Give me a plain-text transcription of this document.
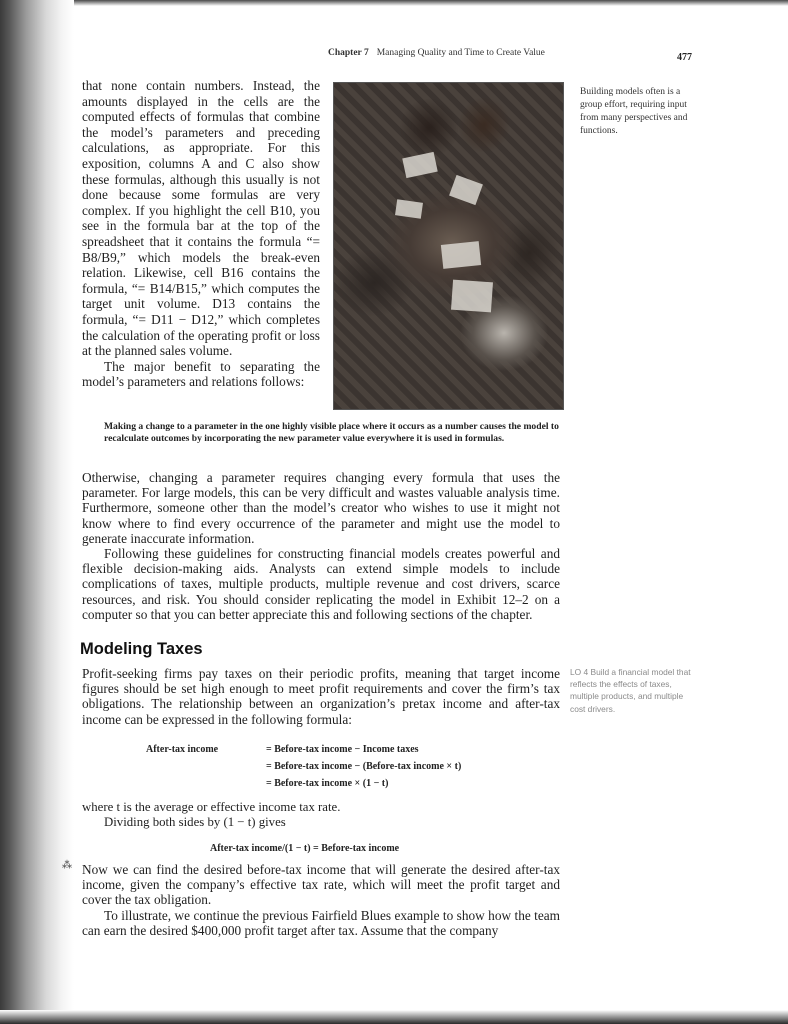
Chapter 7 Managing Quality and Time to Create Value	477

that none contain numbers. Instead, the amounts displayed in the cells are the computed effects of formulas that combine the model’s parameters and preceding calculations, as appropriate. For this exposition, columns A and C also show these formulas, although this usually is not done because some formulas are very complex. If you highlight the cell B10, you see in the formula bar at the top of the spreadsheet that it contains the formula “= B8/B9,” which models the break-even relation. Likewise, cell B16 contains the formula, “= B14/B15,” which computes the target unit volume. D13 contains the formula, “= D11 − D12,” which completes the calculation of the operating profit or loss at the planned sales volume.

The major benefit to separating the model’s parameters and relations follows:

Building models often is a group effort, requiring input from many perspectives and functions.
Making a change to a parameter in the one highly visible place where it occurs as a number causes the model to recalculate outcomes by incorporating the new parameter value everywhere it is used in formulas.

Otherwise, changing a parameter requires changing every formula that uses the parameter. For large models, this can be very difficult and wastes valuable analysis time. Furthermore, someone other than the model’s creator who wishes to use it might not know where to find every occurrence of the parameter and might use the model to generate inaccurate information.

Following these guidelines for constructing financial models creates powerful and flexible decision-making aids. Analysts can extend simple models to include complications of taxes, multiple products, multiple revenue and cost drivers, scarce resources, and risk. You should consider replicating the model in Exhibit 12–2 on a computer so that you can better appreciate this and following sections of the chapter.

Modeling Taxes
Profit-seeking firms pay taxes on their periodic profits, meaning that target income figures should be set high enough to meet profit requirements and cover the firm’s tax obligations. The relationship between an organization’s pretax income and after-tax income can be expressed in the following formula:
LO 4 Build a financial model that reflects the effects of taxes, multiple products, and multiple cost drivers.
After-tax income	= Before-tax income − Income taxes
= Before-tax income − (Before-tax income × t)
= Before-tax income × (1 − t)
where t is the average or effective income tax rate.
Dividing both sides by (1 − t) gives
After-tax income/(1 − t) = Before-tax income
⁂ Now we can find the desired before-tax income that will generate the desired after-tax income, given the company’s effective tax rate, which will meet the profit target and cover the tax obligation.

To illustrate, we continue the previous Fairfield Blues example to show how the team can earn the desired $400,000 profit target after tax. Assume that the company
